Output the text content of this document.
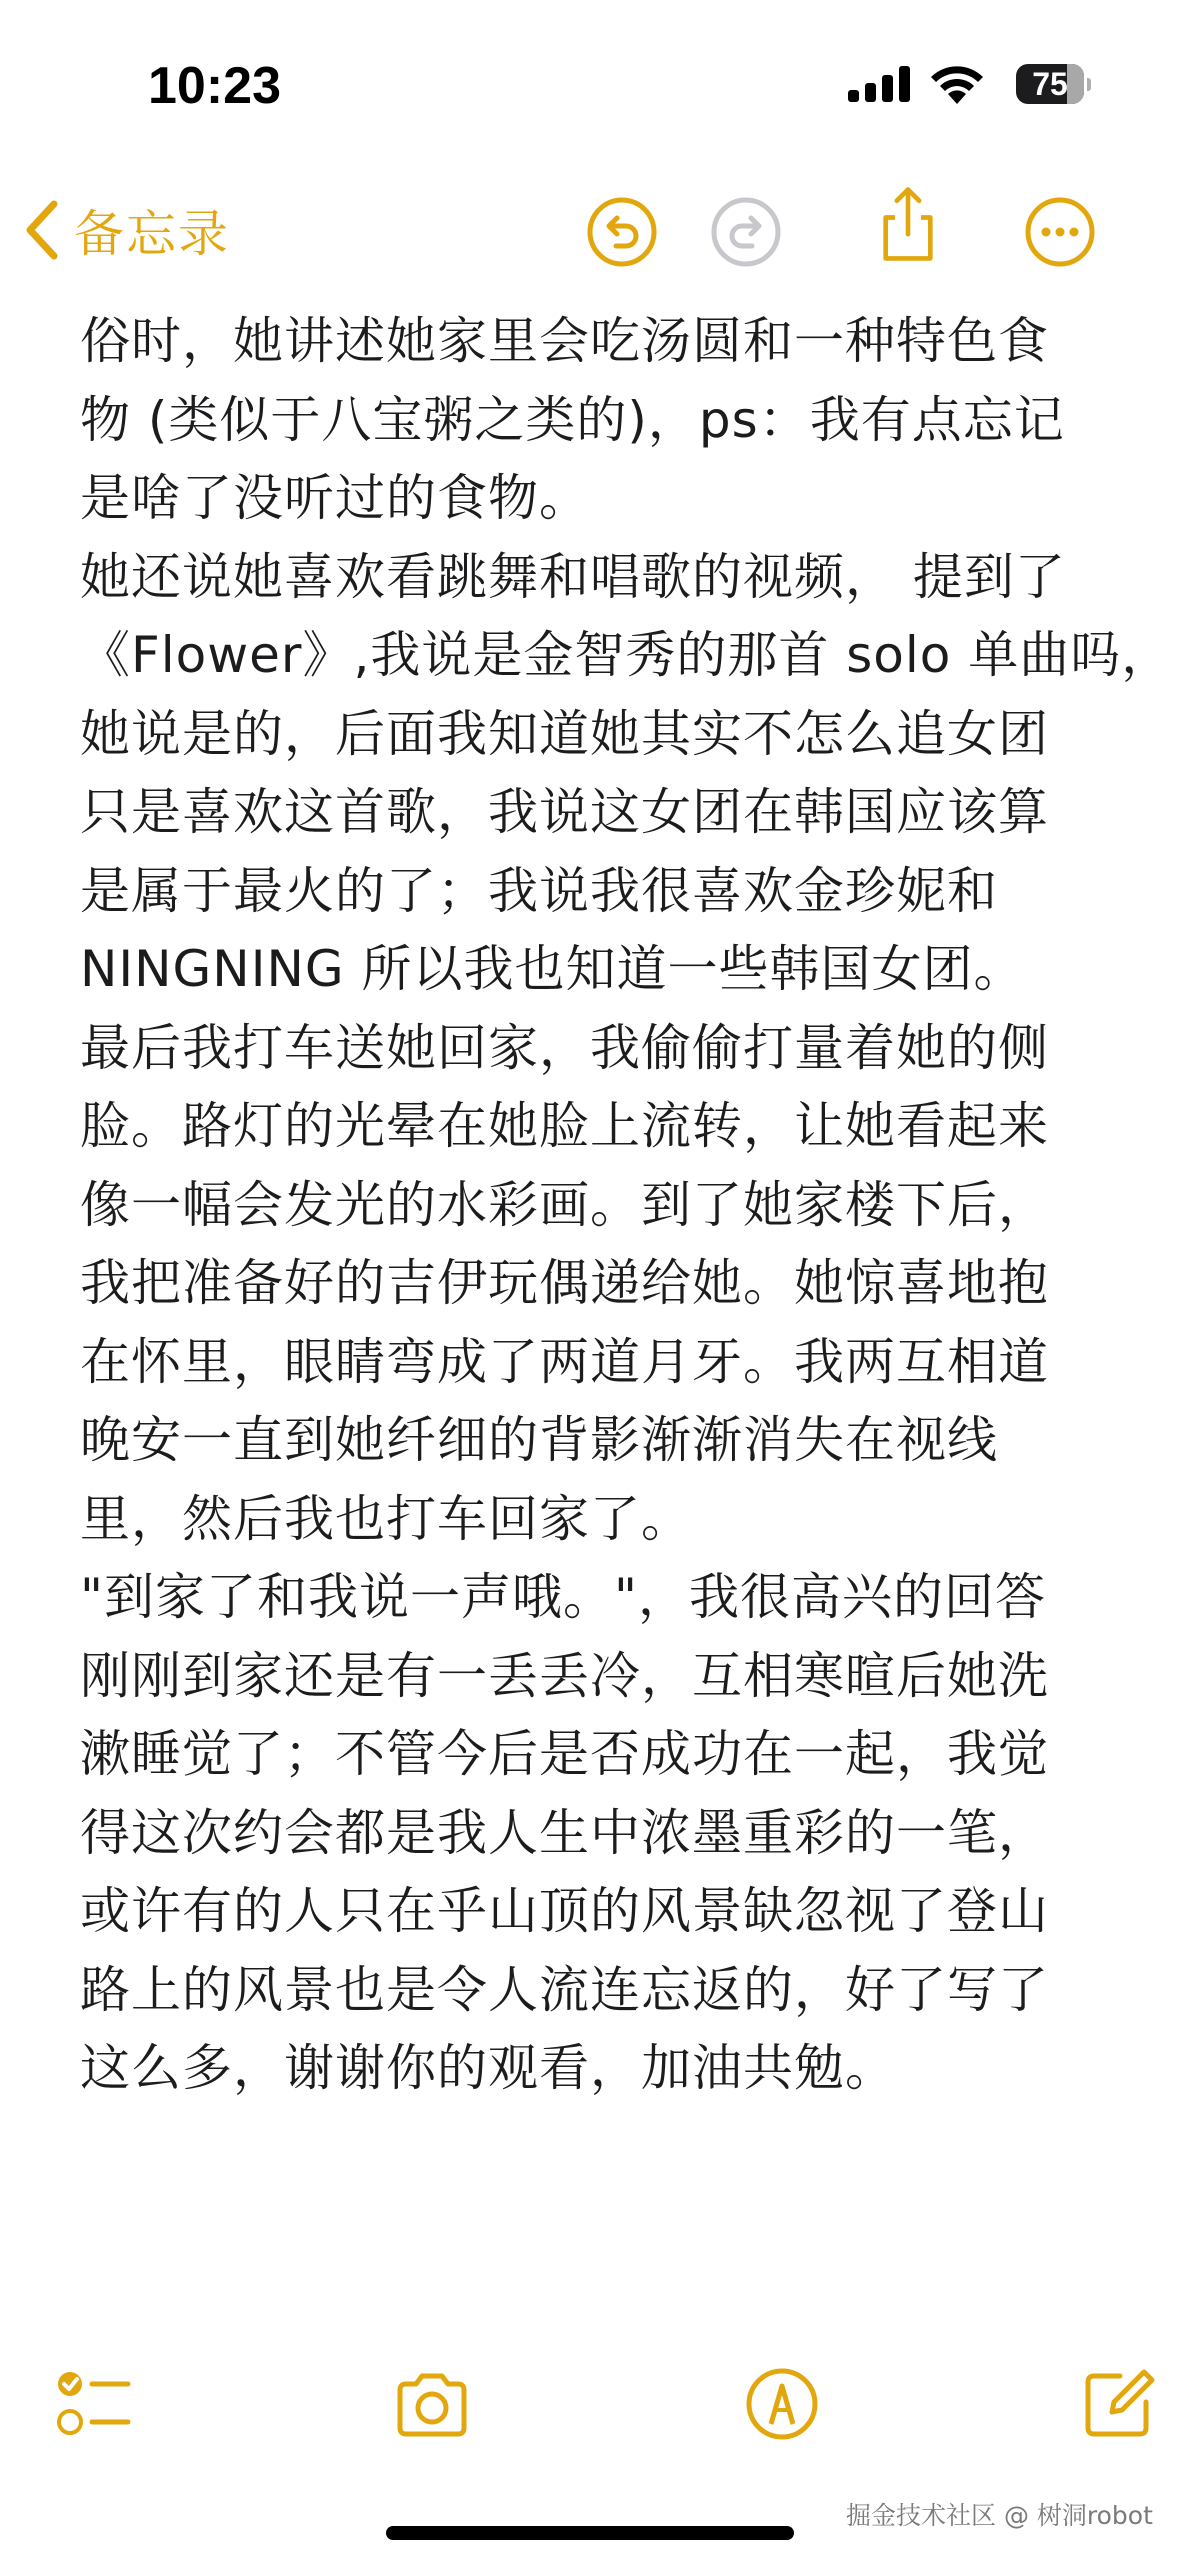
10:23	75
备忘录

俗时，她讲述她家里会吃汤圆和一种特色食

物 (类似于八宝粥之类的)，ps：我有点忘记

是啥了没听过的食物。

她还说她喜欢看跳舞和唱歌的视频， 提到了

《Flower》,我说是金智秀的那首 solo 单曲吗，

她说是的，后面我知道她其实不怎么追女团

只是喜欢这首歌，我说这女团在韩国应该算

是属于最火的了；我说我很喜欢金珍妮和

NINGNING 所以我也知道一些韩国女团。

最后我打车送她回家，我偷偷打量着她的侧

脸。路灯的光晕在她脸上流转，让她看起来

像一幅会发光的水彩画。到了她家楼下后，

我把准备好的吉伊玩偶递给她。她惊喜地抱

在怀里，眼睛弯成了两道月牙。我两互相道

晚安一直到她纤细的背影渐渐消失在视线

里，然后我也打车回家了。

"到家了和我说一声哦。"，我很高兴的回答

刚刚到家还是有一丢丢冷，互相寒暄后她洗

漱睡觉了；不管今后是否成功在一起，我觉

得这次约会都是我人生中浓墨重彩的一笔，

或许有的人只在乎山顶的风景缺忽视了登山

路上的风景也是令人流连忘返的，好了写了

这么多，谢谢你的观看，加油共勉。

掘金技术社区 @ 树洞robot
